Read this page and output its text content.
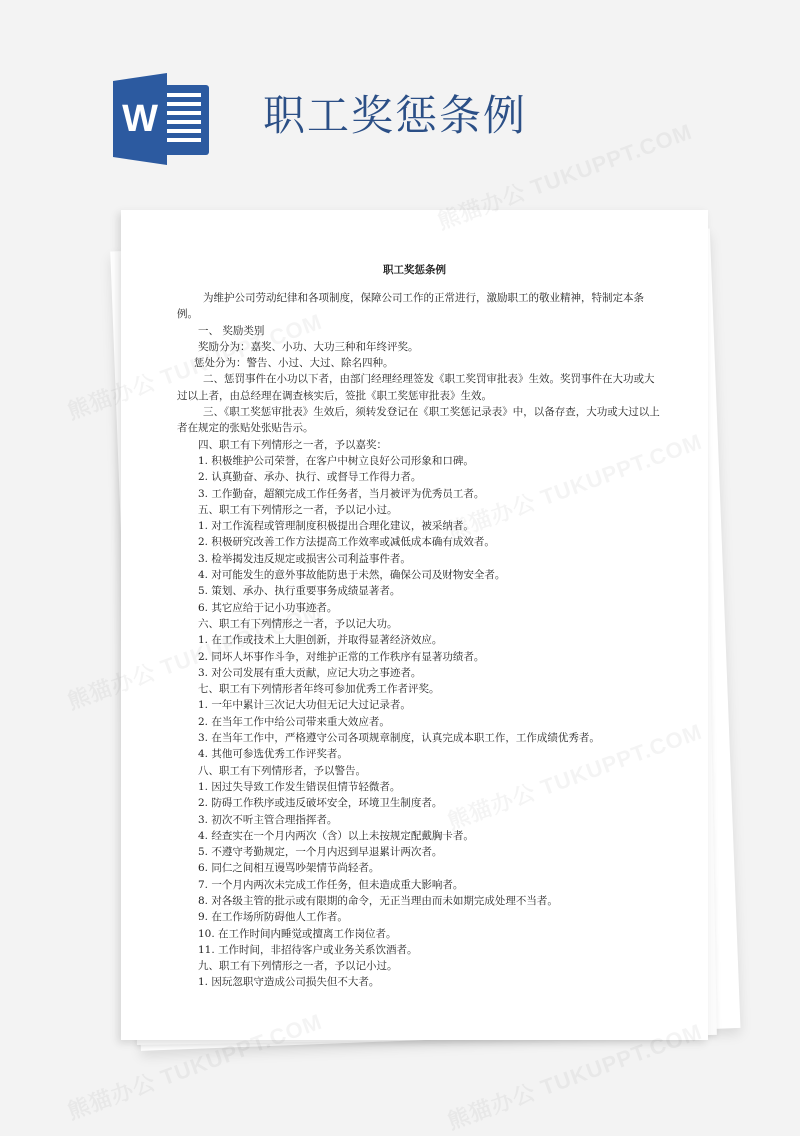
W	职工奖惩条例
职工奖惩条例

为维护公司劳动纪律和各项制度，保障公司工作的正常进行，激励职工的敬业精神，特制定本条例。

一、 奖励类别

奖励分为：嘉奖、小功、大功三种和年终评奖。

惩处分为：警告、小过、大过、除名四种。

二、惩罚事件在小功以下者，由部门经理经理签发《职工奖罚审批表》生效。奖罚事件在大功或大过以上者，由总经理在调查核实后，签批《职工奖惩审批表》生效。

三、《职工奖惩审批表》生效后，须转发登记在《职工奖惩记录表》中，以备存查，大功或大过以上者在规定的张贴处张贴告示。

四、职工有下列情形之一者，予以嘉奖：

1. 积极维护公司荣誉，在客户中树立良好公司形象和口碑。

2. 认真勤奋、承办、执行、或督导工作得力者。

3. 工作勤奋，超额完成工作任务者，当月被评为优秀员工者。

五、职工有下列情形之一者，予以记小过。

1. 对工作流程或管理制度积极提出合理化建议，被采纳者。

2. 积极研究改善工作方法提高工作效率或减低成本确有成效者。

3. 检举揭发违反规定或损害公司利益事件者。

4. 对可能发生的意外事故能防患于未然，确保公司及财物安全者。

5. 策划、承办、执行重要事务成绩显著者。

6. 其它应给于记小功事迹者。

六、职工有下列情形之一者，予以记大功。

1. 在工作或技术上大胆创新，并取得显著经济效应。

2. 同坏人坏事作斗争，对维护正常的工作秩序有显著功绩者。

3. 对公司发展有重大贡献，应记大功之事迹者。

七、职工有下列情形者年终可参加优秀工作者评奖。

1. 一年中累计三次记大功但无记大过记录者。

2. 在当年工作中给公司带来重大效应者。

3. 在当年工作中，严格遵守公司各项规章制度，认真完成本职工作，工作成绩优秀者。

4. 其他可参选优秀工作评奖者。

八、职工有下列情形者，予以警告。

1. 因过失导致工作发生错误但情节轻微者。

2. 防碍工作秩序或违反破坏安全，环境卫生制度者。

3. 初次不听主管合理指挥者。

4. 经查实在一个月内两次（含）以上未按规定配戴胸卡者。

5. 不遵守考勤规定，一个月内迟到早退累计两次者。

6. 同仁之间相互谩骂吵架情节尚轻者。

7. 一个月内两次未完成工作任务，但未造成重大影响者。

8. 对各级主管的批示或有限期的命令，无正当理由而未如期完成处理不当者。

9. 在工作场所防碍他人工作者。

10. 在工作时间内睡觉或擅离工作岗位者。

11. 工作时间，非招待客户或业务关系饮酒者。

九、职工有下列情形之一者，予以记小过。

1. 因玩忽职守造成公司损失但不大者。
